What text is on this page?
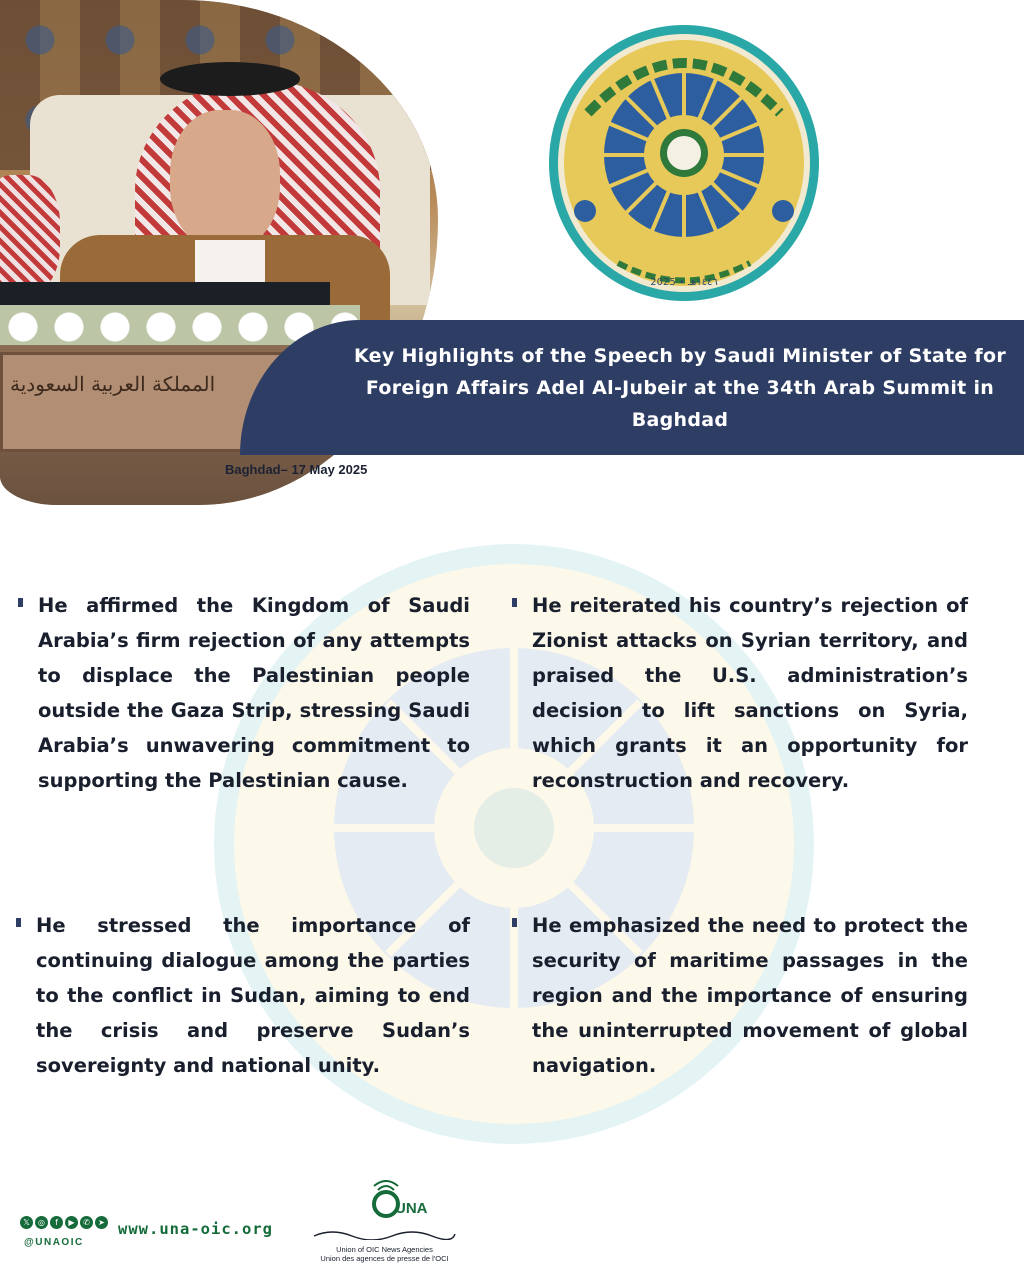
المملكة العربية السعودية
2025 • ١٤٤٦هـ
Key Highlights of the Speech by Saudi Minister of State for Foreign Affairs Adel Al-Jubeir at the 34th Arab Summit in Baghdad
Baghdad– 17 May 2025
He affirmed the Kingdom of Saudi Arabia’s firm rejection of any attempts to displace the Palestinian people outside the Gaza Strip, stressing Saudi Arabia’s unwavering commitment to supporting the Palestinian cause.
He reiterated his country’s rejection of Zionist attacks on Syrian territory, and praised the U.S. administration’s decision to lift sanctions on Syria, which grants it an opportunity for reconstruction and recovery.
He stressed the importance of continuing dialogue among the parties to the conflict in Sudan, aiming to end the crisis and preserve Sudan’s sovereignty and national unity.
He emphasized the need to protect the security of maritime passages in the region and the importance of ensuring the uninterrupted movement of global navigation.
𝕏	◎	f	▶	✆	➤
@UNAOIC
www.una-oic.org
UNA
Union of OIC News Agencies
Union des agences de presse de l'OCI
